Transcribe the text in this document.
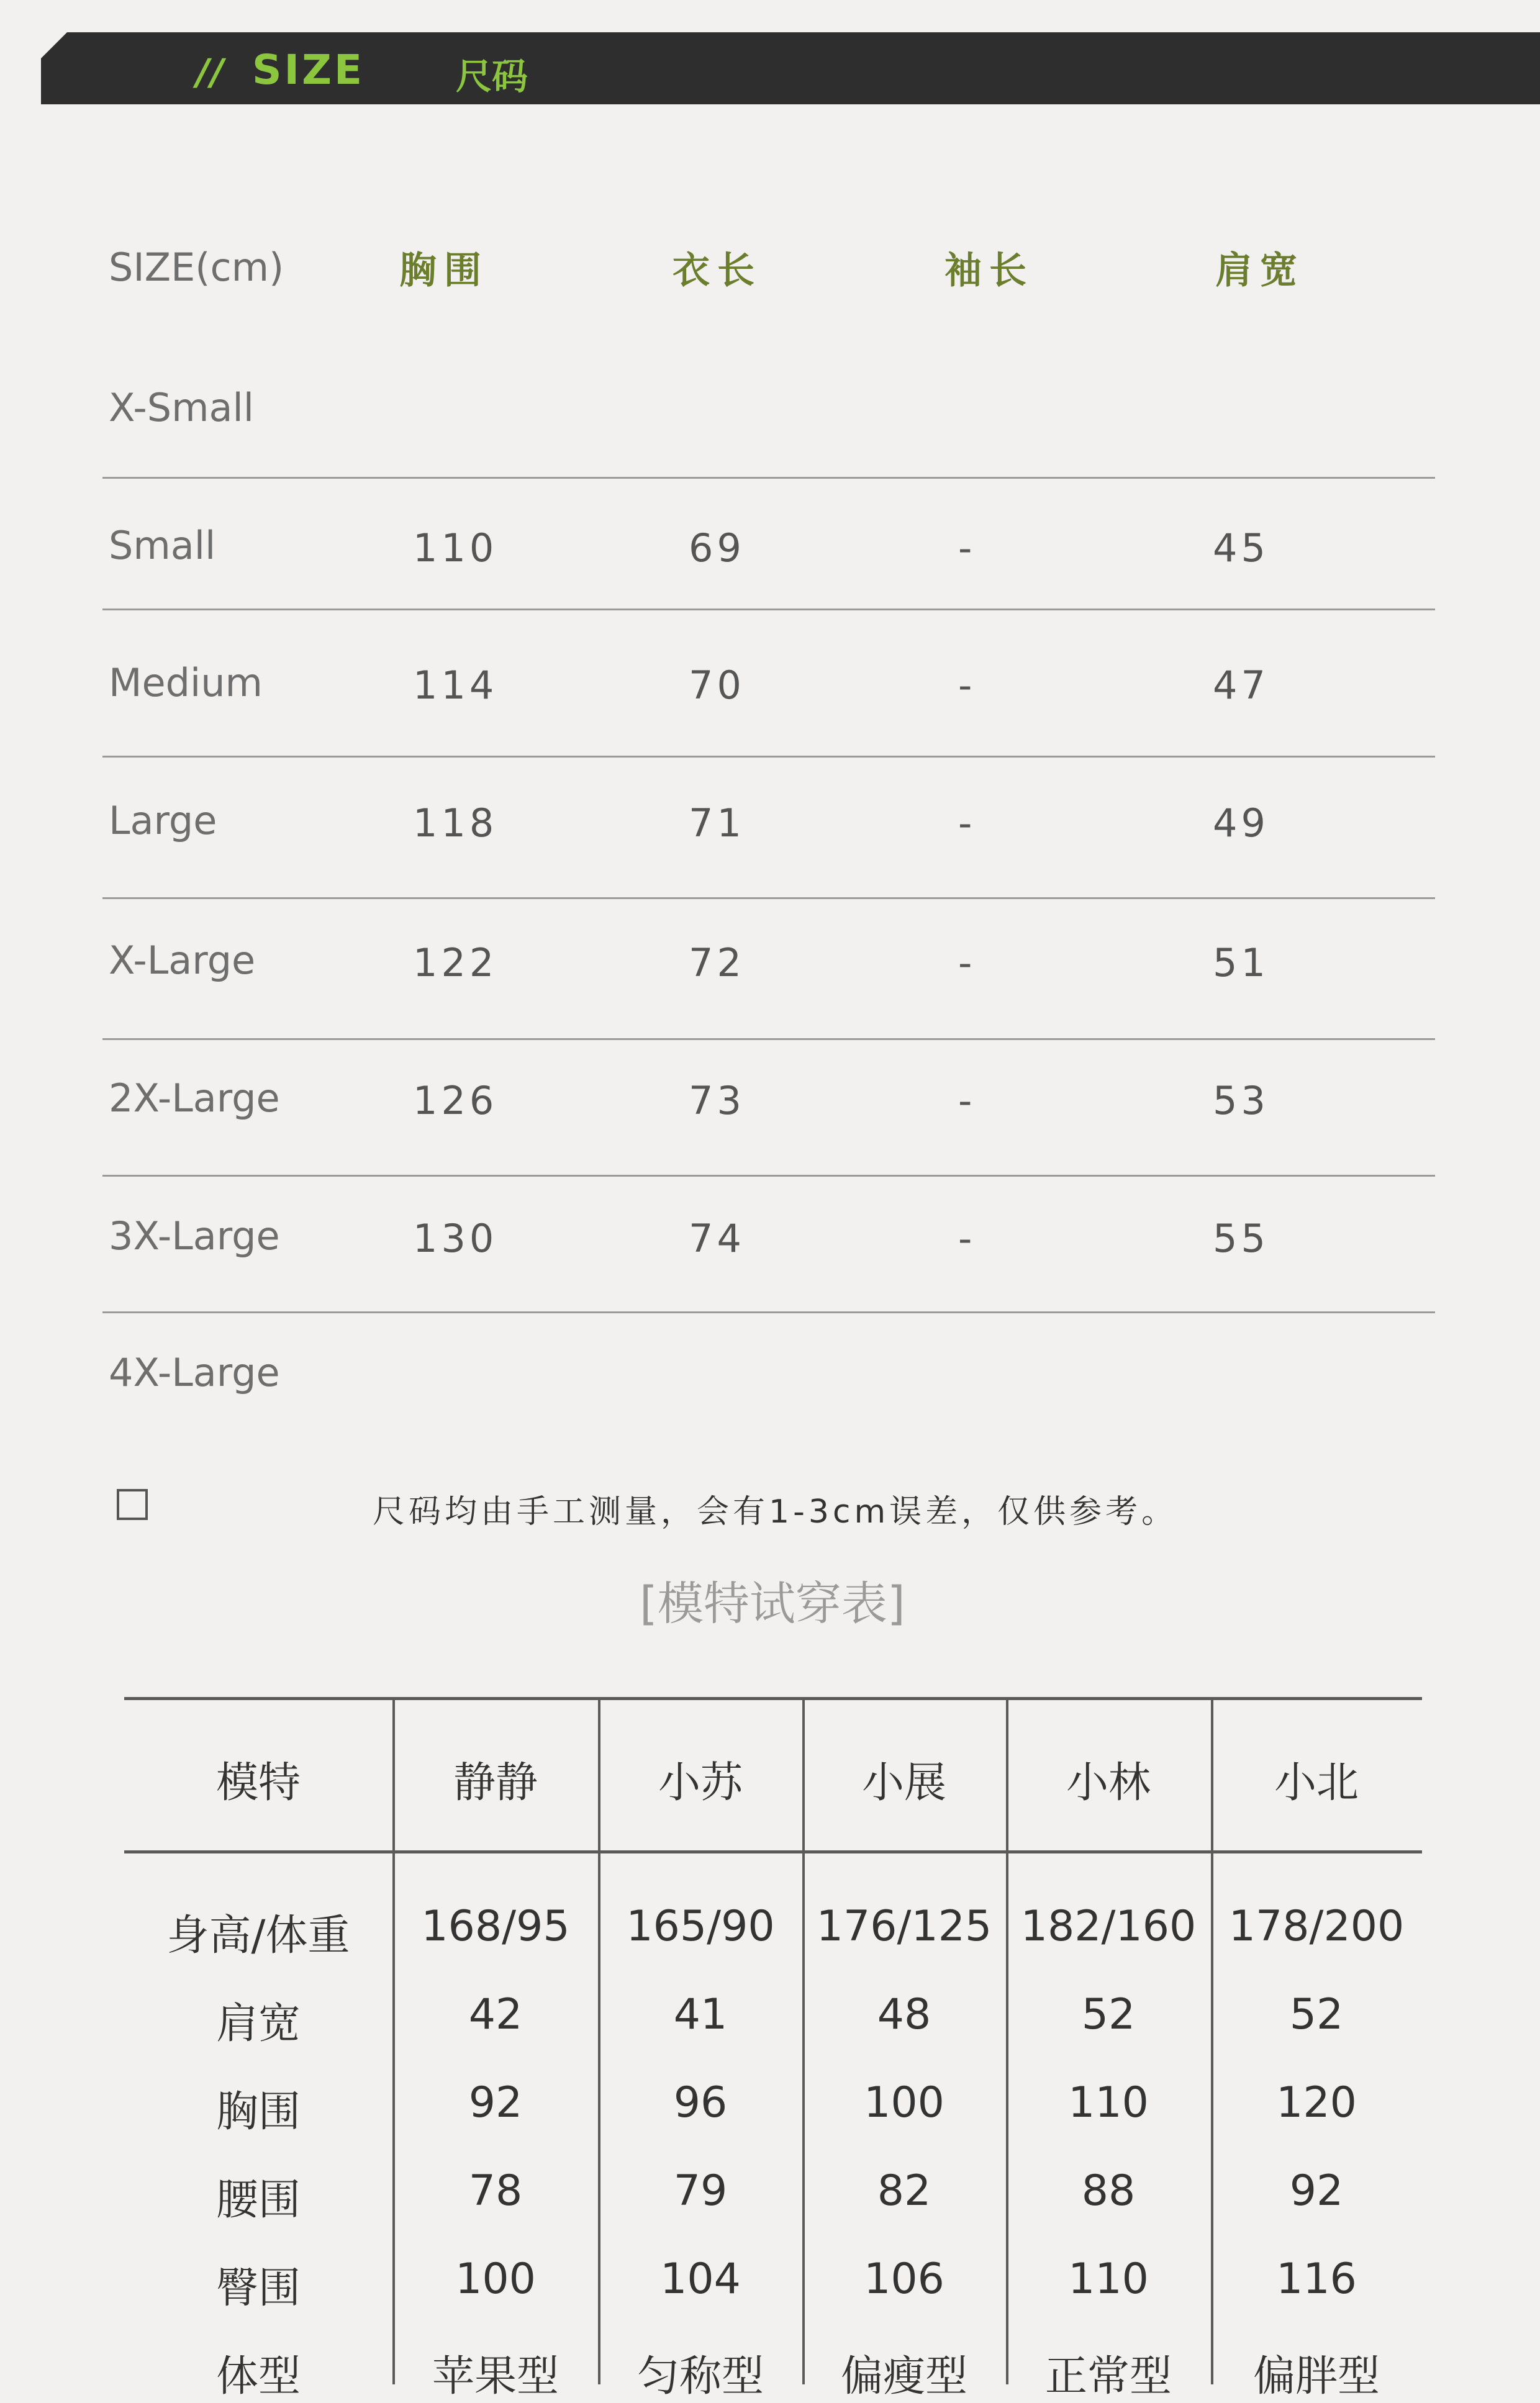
// SIZE	尺码
SIZE(cm)	胸围	衣长	袖长	肩宽
X-Small
Small	110	69	-	45
Medium	114	70	-	47
Large	118	71	-	49
X-Large	122	72	-	51
2X-Large	126	73	-	53
3X-Large	130	74	-	55
4X-Large
尺码均由手工测量，会有1-3cm误差，仅供参考。
[模特试穿表]
模特	静静	小苏	小展	小林	小北
身高/体重	168/95	165/90 176/125 182/160 178/200
肩宽	42	41	48	52	52
胸围	92	96	100	110	120
腰围	78	79	82	88	92
臀围	100	104	106	110	116
体型	苹果型	匀称型	偏瘦型	正常型	偏胖型
